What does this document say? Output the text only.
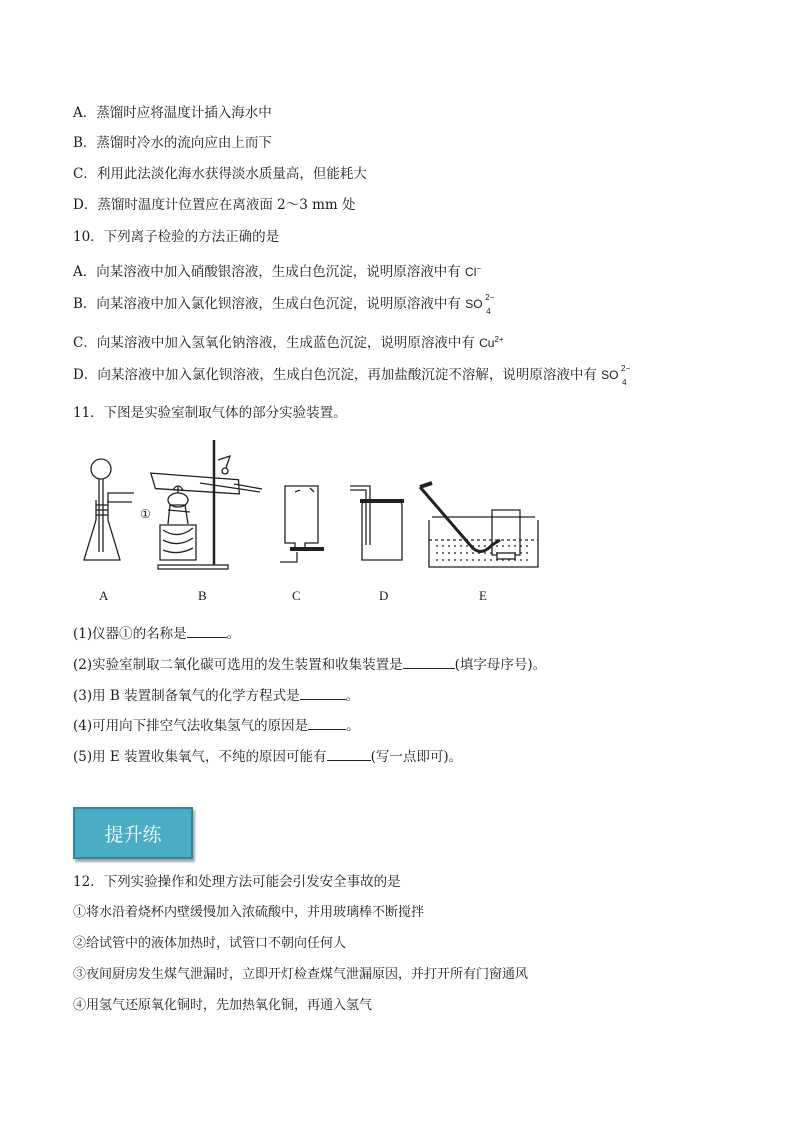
A．蒸馏时应将温度计插入海水中
B．蒸馏时冷水的流向应由上而下
C．利用此法淡化海水获得淡水质量高，但能耗大
D．蒸馏时温度计位置应在离液面 2～3 mm 处
10．下列离子检验的方法正确的是
A．向某溶液中加入硝酸银溶液，生成白色沉淀，说明原溶液中有 Cl−
B．向某溶液中加入氯化钡溶液，生成白色沉淀，说明原溶液中有 SO 2−
4

C．向某溶液中加入氢氧化钠溶液，生成蓝色沉淀，说明原溶液中有 $Cu^{2+}$
D．向某溶液中加入氯化钡溶液，生成白色沉淀，再加盐酸沉淀不溶解，说明原溶液中有 SO 2−
4

11．下图是实验室制取气体的部分实验装置。
①
A	B	C	D	E
(1)仪器①的名称是	。
(2)实验室制取二氧化碳可选用的发生装置和收集装置是	(填字母序号)。
(3)用 B 装置制备氧气的化学方程式是	。
(4)可用向下排空气法收集氢气的原因是	。
(5)用 E 装置收集氧气，不纯的原因可能有	(写一点即可)。
提升练
12．下列实验操作和处理方法可能会引发安全事故的是
①将水沿着烧杯内壁缓慢加入浓硫酸中，并用玻璃棒不断搅拌
②给试管中的液体加热时，试管口不朝向任何人
③夜间厨房发生煤气泄漏时，立即开灯检查煤气泄漏原因，并打开所有门窗通风
④用氢气还原氧化铜时，先加热氧化铜，再通入氢气
